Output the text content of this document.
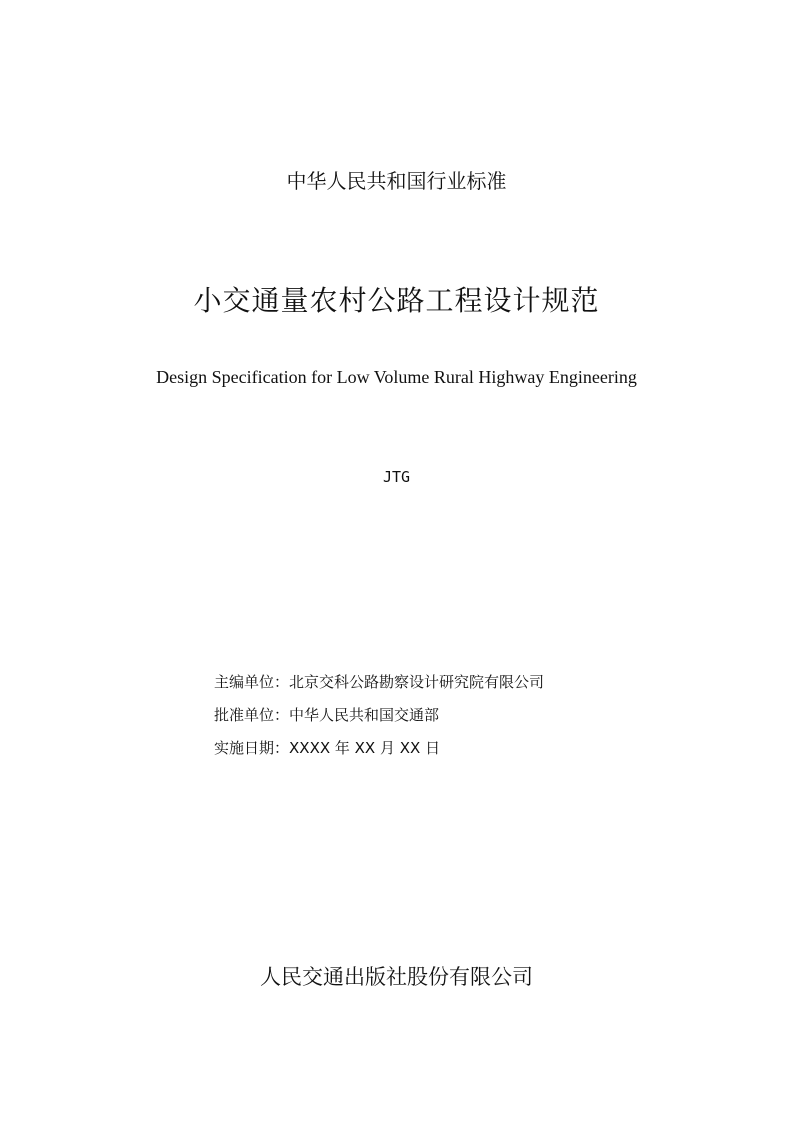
中华人民共和国行业标准
小交通量农村公路工程设计规范
Design Specification for Low Volume Rural Highway Engineering
JTG
主编单位：北京交科公路勘察设计研究院有限公司
批准单位：中华人民共和国交通部
实施日期：XXXX 年 XX 月 XX 日
人民交通出版社股份有限公司
